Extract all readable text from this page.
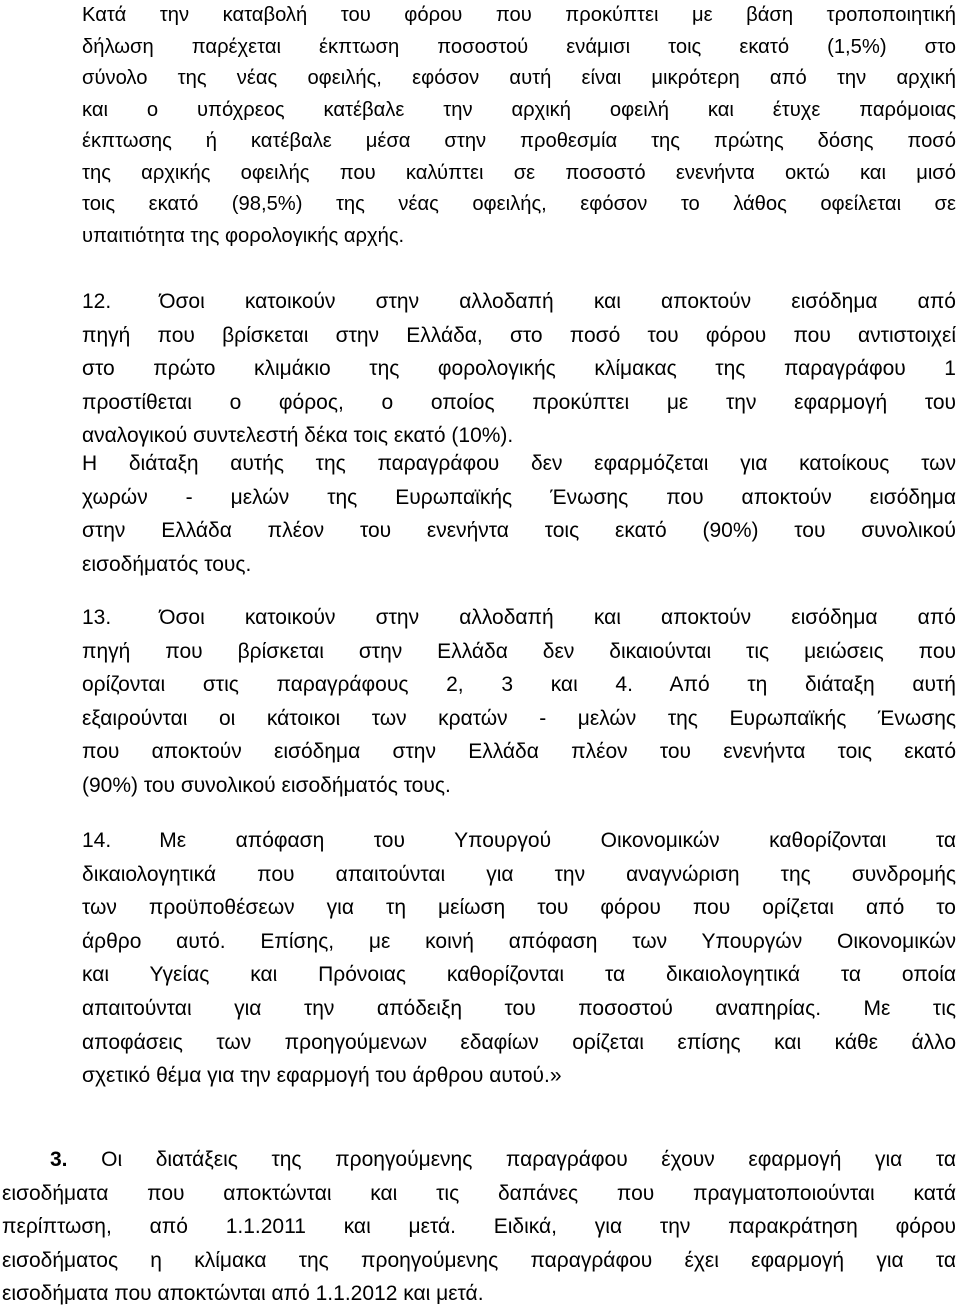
Κατά την καταβολή του φόρου που προκύπτει με βάση τροποποιητική
δήλωση παρέχεται έκπτωση ποσοστού ενάμισι τοις εκατό (1,5%) στο
σύνολο της νέας οφειλής, εφόσον αυτή είναι μικρότερη από την αρχική
και ο υπόχρεος κατέβαλε την αρχική οφειλή και έτυχε παρόμοιας
έκπτωσης ή κατέβαλε μέσα στην προθεσμία της πρώτης δόσης ποσό
της αρχικής οφειλής που καλύπτει σε ποσοστό ενενήντα οκτώ και μισό
τοις εκατό (98,5%) της νέας οφειλής, εφόσον το λάθος οφείλεται σε
υπαιτιότητα της φορολογικής αρχής.
12. Όσοι κατοικούν στην αλλοδαπή και αποκτούν εισόδημα από
πηγή που βρίσκεται στην Ελλάδα, στο ποσό του φόρου που αντιστοιχεί
στο πρώτο κλιμάκιο της φορολογικής κλίμακας της παραγράφου 1
προστίθεται ο φόρος, ο οποίος προκύπτει με την εφαρμογή του
αναλογικού συντελεστή δέκα τοις εκατό (10%).
Η διάταξη αυτής της παραγράφου δεν εφαρμόζεται για κατοίκους των
χωρών - μελών της Ευρωπαϊκής Ένωσης που αποκτούν εισόδημα
στην Ελλάδα πλέον του ενενήντα τοις εκατό (90%) του συνολικού
εισοδήματός τους.
13. Όσοι κατοικούν στην αλλοδαπή και αποκτούν εισόδημα από
πηγή που βρίσκεται στην Ελλάδα δεν δικαιούνται τις μειώσεις που
ορίζονται στις παραγράφους 2, 3 και 4. Από τη διάταξη αυτή
εξαιρούνται οι κάτοικοι των κρατών - μελών της Ευρωπαϊκής Ένωσης
που αποκτούν εισόδημα στην Ελλάδα πλέον του ενενήντα τοις εκατό
(90%) του συνολικού εισοδήματός τους.
14. Με απόφαση του Υπουργού Οικονομικών καθορίζονται τα
δικαιολογητικά που απαιτούνται για την αναγνώριση της συνδρομής
των προϋποθέσεων για τη μείωση του φόρου που ορίζεται από το
άρθρο αυτό. Επίσης, με κοινή απόφαση των Υπουργών Οικονομικών
και Υγείας και Πρόνοιας καθορίζονται τα δικαιολογητικά τα οποία
απαιτούνται για την απόδειξη του ποσοστού αναπηρίας. Με τις
αποφάσεις των προηγούμενων εδαφίων ορίζεται επίσης και κάθε άλλο
σχετικό θέμα για την εφαρμογή του άρθρου αυτού.»
3. Οι διατάξεις της προηγούμενης παραγράφου έχουν εφαρμογή για τα
εισοδήματα που αποκτώνται και τις δαπάνες που πραγματοποιούνται κατά
περίπτωση, από 1.1.2011 και μετά. Ειδικά, για την παρακράτηση φόρου
εισοδήματος η κλίμακα της προηγούμενης παραγράφου έχει εφαρμογή για τα
εισοδήματα που αποκτώνται από 1.1.2012 και μετά.
